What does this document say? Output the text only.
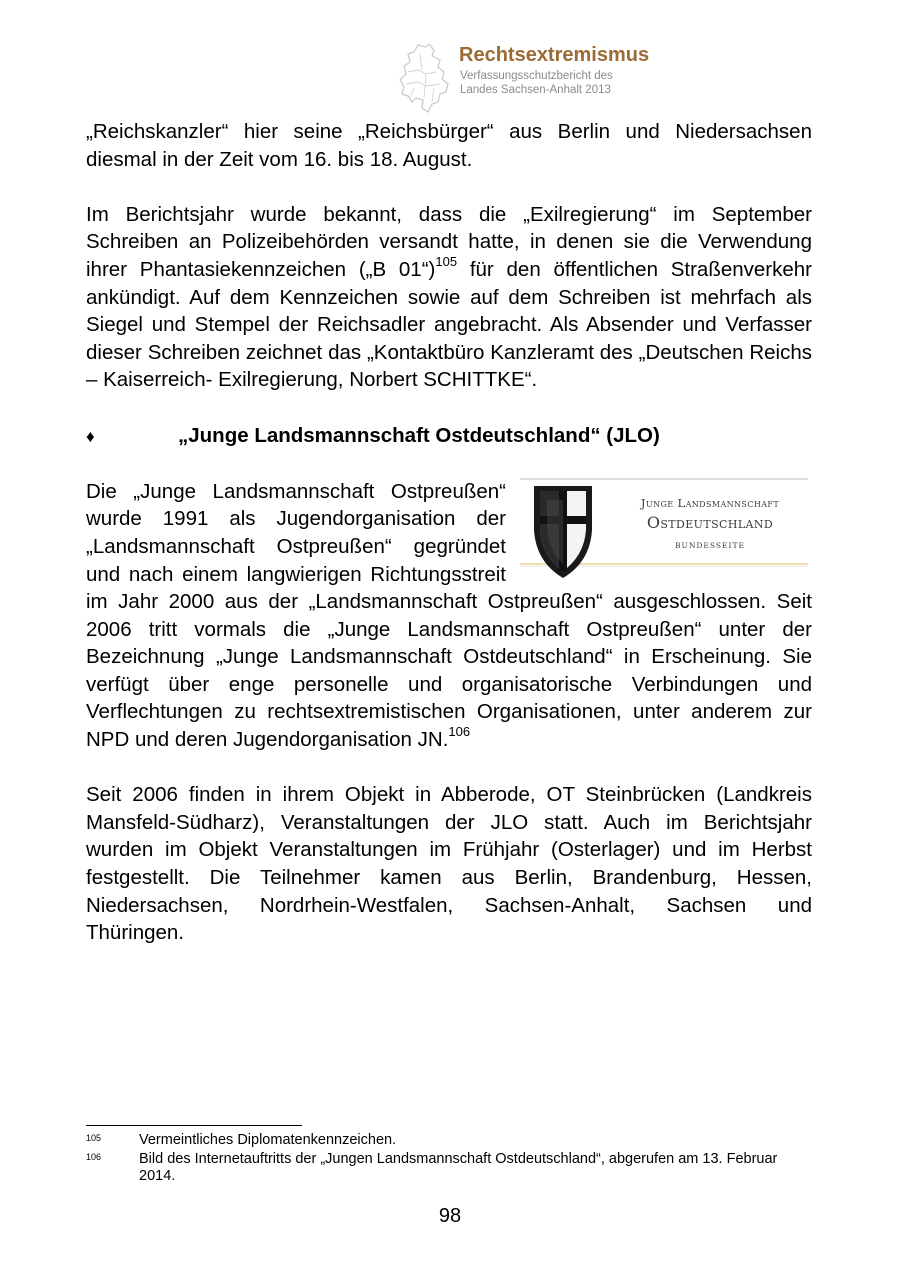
Rechtsextremismus
Verfassungsschutzbericht des
Landes Sachsen-Anhalt 2013

„Reichskanzler“ hier seine „Reichsbürger“ aus Berlin und Niedersachsen diesmal in der Zeit vom 16. bis 18. August.

Im Berichtsjahr wurde bekannt, dass die „Exilregierung“ im September Schreiben an Polizeibehörden versandt hatte, in denen sie die Verwendung ihrer Phantasiekennzeichen („B 01“)$^{105}$ für den öffentlichen Straßenverkehr ankündigt. Auf dem Kennzeichen sowie auf dem Schreiben ist mehrfach als Siegel und Stempel der Reichsadler angebracht. Als Absender und Verfasser dieser Schreiben zeichnet das „Kontaktbüro Kanzleramt des „Deutschen Reichs – Kaiserreich- Exilregierung, Norbert SCHITTKE“.

♦	„Junge Landsmannschaft Ostdeutschland“ (JLO)

Junge Landsmannschaft
Ostdeutschland
BUNDESSEITE
Die „Junge Landsmannschaft Ostpreußen“ wurde 1991 als Jugendorganisation der „Landsmannschaft Ostpreußen“ gegründet und nach einem langwierigen Richtungsstreit im Jahr 2000 aus der „Landsmannschaft Ostpreußen“ ausgeschlossen. Seit 2006 tritt vormals die „Junge Landsmannschaft Ostpreußen“ unter der Bezeichnung „Junge Landsmannschaft Ostdeutschland“ in Erscheinung. Sie verfügt über enge personelle und organisatorische Verbindungen und Verflechtungen zu rechtsextremistischen Organisationen, unter anderem zur NPD und deren Jugendorganisation JN.$^{106}$

Seit 2006 finden in ihrem Objekt in Abberode, OT Steinbrücken (Landkreis Mansfeld-Südharz), Veranstaltungen der JLO statt. Auch im Berichtsjahr wurden im Objekt Veranstaltungen im Frühjahr (Osterlager) und im Herbst festgestellt. Die Teilnehmer kamen aus Berlin, Brandenburg, Hessen, Niedersachsen, Nordrhein-Westfalen, Sachsen-Anhalt, Sachsen und Thüringen.

105	Vermeintliches Diplomatenkennzeichen.
106	Bild des Internetauftritts der „Jungen Landsmannschaft Ostdeutschland“, abgerufen am 13. Februar 2014.
98
